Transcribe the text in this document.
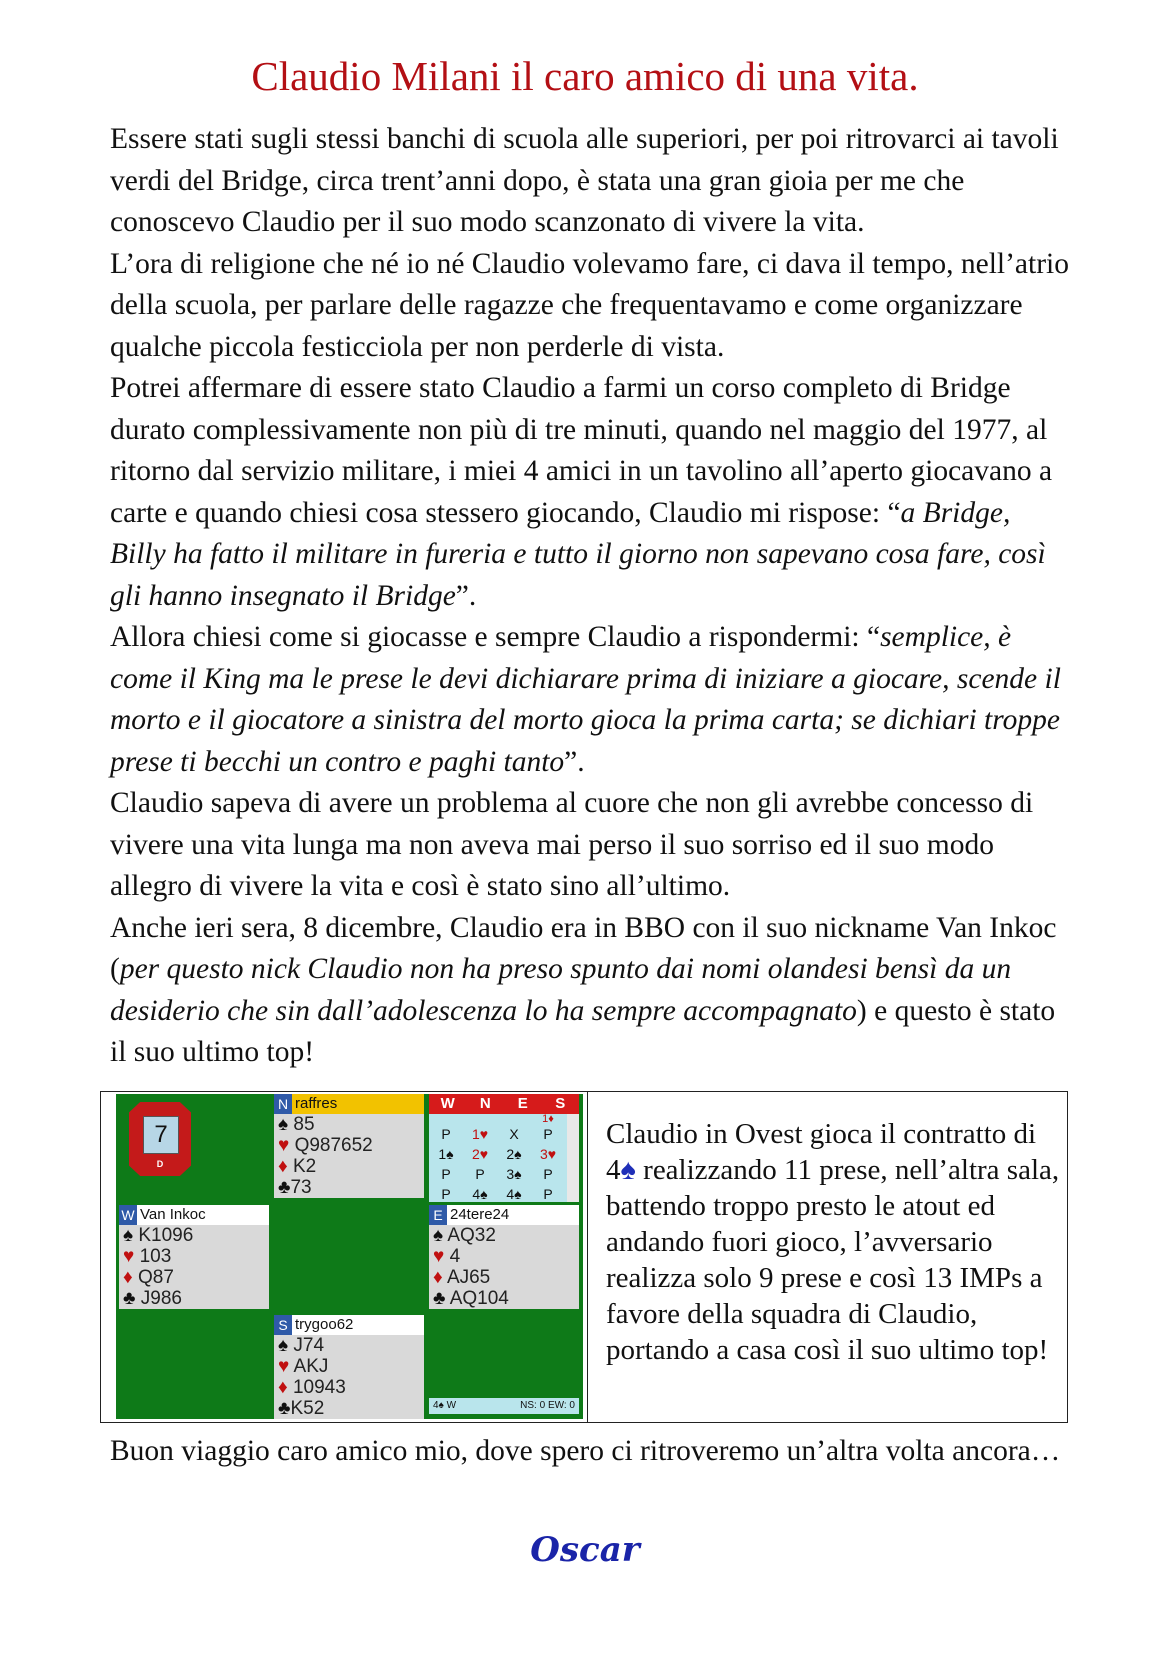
Claudio Milani il caro amico di una vita.

Essere stati sugli stessi banchi di scuola alle superiori, per poi ritrovarci ai tavoli verdi del Bridge, circa trent’anni dopo, è stata una gran gioia per me che conoscevo Claudio per il suo modo scanzonato di vivere la vita.

L’ora di religione che né io né Claudio volevamo fare, ci dava il tempo, nell’atrio della scuola, per parlare delle ragazze che frequentavamo e come organizzare qualche piccola festicciola per non perderle di vista.

Potrei affermare di essere stato Claudio a farmi un corso completo di Bridge durato complessivamente non più di tre minuti, quando nel maggio del 1977, al ritorno dal servizio militare, i miei 4 amici in un tavolino all’aperto giocavano a carte e quando chiesi cosa stessero giocando, Claudio mi rispose: “a Bridge, Billy ha fatto il militare in fureria e tutto il giorno non sapevano cosa fare, così gli hanno insegnato il Bridge”.

Allora chiesi come si giocasse e sempre Claudio a rispondermi: “semplice, è come il King ma le prese le devi dichiarare prima di iniziare a giocare, scende il morto e il giocatore a sinistra del morto gioca la prima carta; se dichiari troppe prese ti becchi un contro e paghi tanto”.

Claudio sapeva di avere un problema al cuore che non gli avrebbe concesso di vivere una vita lunga ma non aveva mai perso il suo sorriso ed il suo modo allegro di vivere la vita e così è stato sino all’ultimo.

Anche ieri sera, 8 dicembre, Claudio era in BBO con il suo nickname Van Inkoc (per questo nick Claudio non ha preso spunto dai nomi olandesi bensì da un desiderio che sin dall’adolescenza lo ha sempre accompagnato) e questo è stato il suo ultimo top!

7
D
N raffres
♠ 85
♥ Q987652
♦ K2
♣73
W	N	E	S
1♦
P	1♥	X	P
1♠	2♥	2♠	3♥
P	P	3♠	P
P	4♠	4♠	P
W Van Inkoc
♠ K1096
♥ 103
♦ Q87
♣ J986
E 24tere24
♠ AQ32
♥ 4
♦ AJ65
♣ AQ104
S trygoo62
♠ J74
♥ AKJ
♦ 10943
♣K52	4♠ W	NS: 0 EW: 0
Claudio in Ovest gioca il contratto di 4♠ realizzando 11 prese, nell’altra sala, battendo troppo presto le atout ed andando fuori gioco, l’avversario realizza solo 9 prese e così 13 IMPs a favore della squadra di Claudio, portando a casa così il suo ultimo top!
Buon viaggio caro amico mio, dove spero ci ritroveremo un’altra volta ancora…
Oscar
